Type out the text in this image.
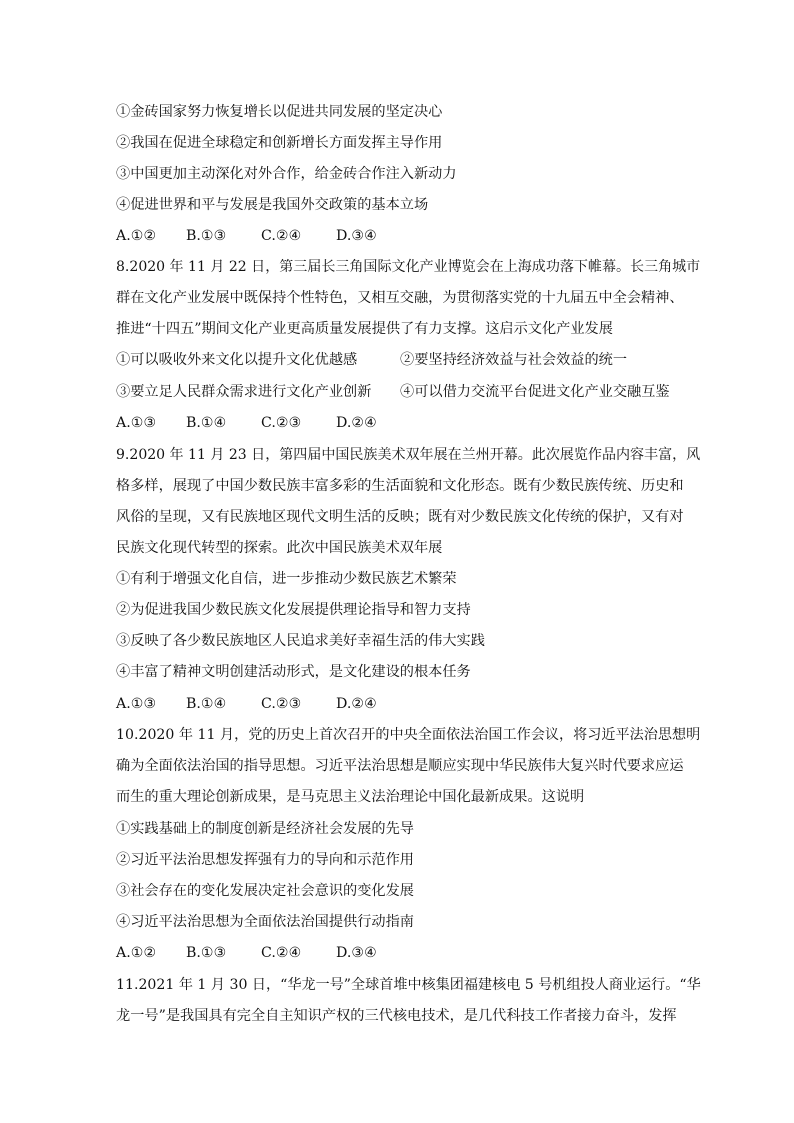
①金砖国家努力恢复增长以促进共同发展的坚定决心
②我国在促进全球稳定和创新增长方面发挥主导作用
③中国更加主动深化对外合作，给金砖合作注入新动力
④促进世界和平与发展是我国外交政策的基本立场
A.①② B.①③ C.②④ D.③④
8.2020 年 11 月 22 日，第三届长三角国际文化产业博览会在上海成功落下帷幕。长三角城市
群在文化产业发展中既保持个性特色，又相互交融，为贯彻落实党的十九届五中全会精神、
推进“十四五”期间文化产业更高质量发展提供了有力支撑。这启示文化产业发展
①可以吸收外来文化以提升文化优越感	②要坚持经济效益与社会效益的统一
③要立足人民群众需求进行文化产业创新 ④可以借力交流平台促进文化产业交融互鉴
A.①③ B.①④ C.②③ D.②④
9.2020 年 11 月 23 日，第四届中国民族美术双年展在兰州开幕。此次展览作品内容丰富，风
格多样，展现了中国少数民族丰富多彩的生活面貌和文化形态。既有少数民族传统、历史和
风俗的呈现，又有民族地区现代文明生活的反映；既有对少数民族文化传统的保护，又有对
民族文化现代转型的探索。此次中国民族美术双年展
①有利于增强文化自信，进一步推动少数民族艺术繁荣
②为促进我国少数民族文化发展提供理论指导和智力支持
③反映了各少数民族地区人民追求美好幸福生活的伟大实践
④丰富了精神文明创建活动形式，是文化建设的根本任务
A.①③ B.①④ C.②③ D.②④
10.2020 年 11 月，党的历史上首次召开的中央全面依法治国工作会议，将习近平法治思想明
确为全面依法治国的指导思想。习近平法治思想是顺应实现中华民族伟大复兴时代要求应运
而生的重大理论创新成果，是马克思主义法治理论中国化最新成果。这说明
①实践基础上的制度创新是经济社会发展的先导
②习近平法治思想发挥强有力的导向和示范作用
③社会存在的变化发展决定社会意识的变化发展
④习近平法治思想为全面依法治国提供行动指南
A.①② B.①③ C.②④ D.③④
11.2021 年 1 月 30 日，“华龙一号”全球首堆中核集团福建核电 5 号机组投人商业运行。“华
龙一号”是我国具有完全自主知识产权的三代核电技术，是几代科技工作者接力奋斗，发挥
